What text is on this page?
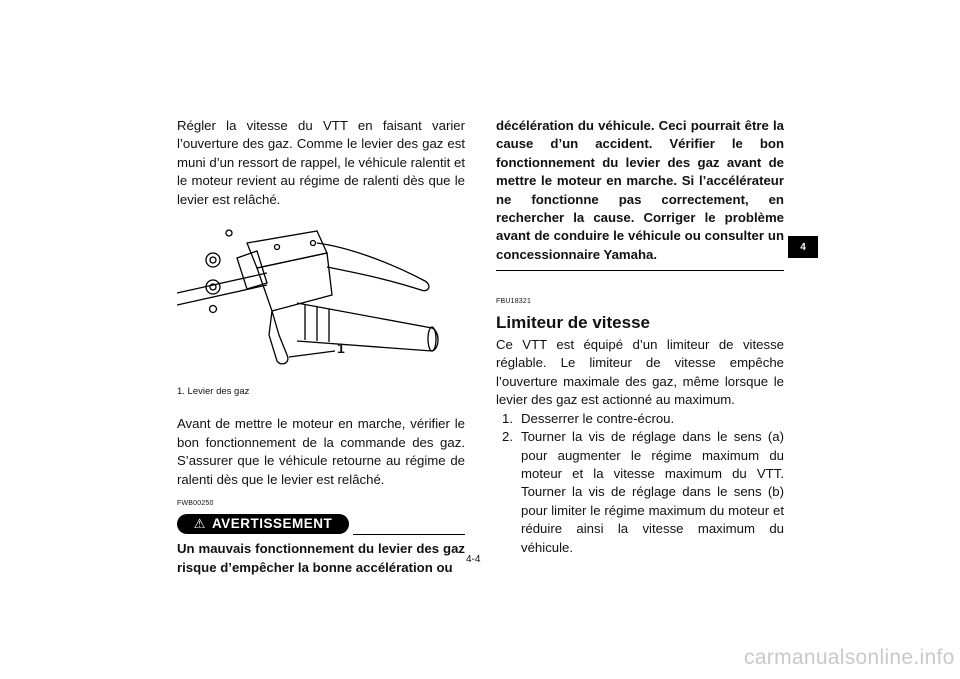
Régler la vitesse du VTT en faisant varier l’ouverture des gaz. Comme le levier des gaz est muni d’un ressort de rappel, le véhicule ralentit et le moteur revient au régime de ralenti dès que le levier est relâché.

1
1. Levier des gaz

Avant de mettre le moteur en marche, vérifier le bon fonctionnement de la commande des gaz. S’assurer que le véhicule retourne au régime de ralenti dès que le levier est relâché.

FWB00250
⚠ AVERTISSEMENT

Un mauvais fonctionnement du levier des gaz risque d’empêcher la bonne accélération ou

décélération du véhicule. Ceci pourrait être la cause d’un accident. Vérifier le bon fonctionnement du levier des gaz avant de mettre le moteur en marche. Si l’accélérateur ne fonctionne pas correctement, en rechercher la cause. Corriger le problème avant de conduire le véhicule ou consulter un concessionnaire Yamaha.

FBU18321
Limiteur de vitesse

Ce VTT est équipé d’un limiteur de vitesse réglable. Le limiteur de vitesse empêche l’ouverture maximale des gaz, même lorsque le levier des gaz est actionné au maximum.

1. Desserrer le contre-écrou.
2. Tourner la vis de réglage dans le sens (a) pour augmenter le régime maximum du moteur et la vitesse maximum du VTT. Tourner la vis de réglage dans le sens (b) pour limiter le régime maximum du moteur et réduire ainsi la vitesse maximum du véhicule.
4
4-4
carmanualsonline.info
